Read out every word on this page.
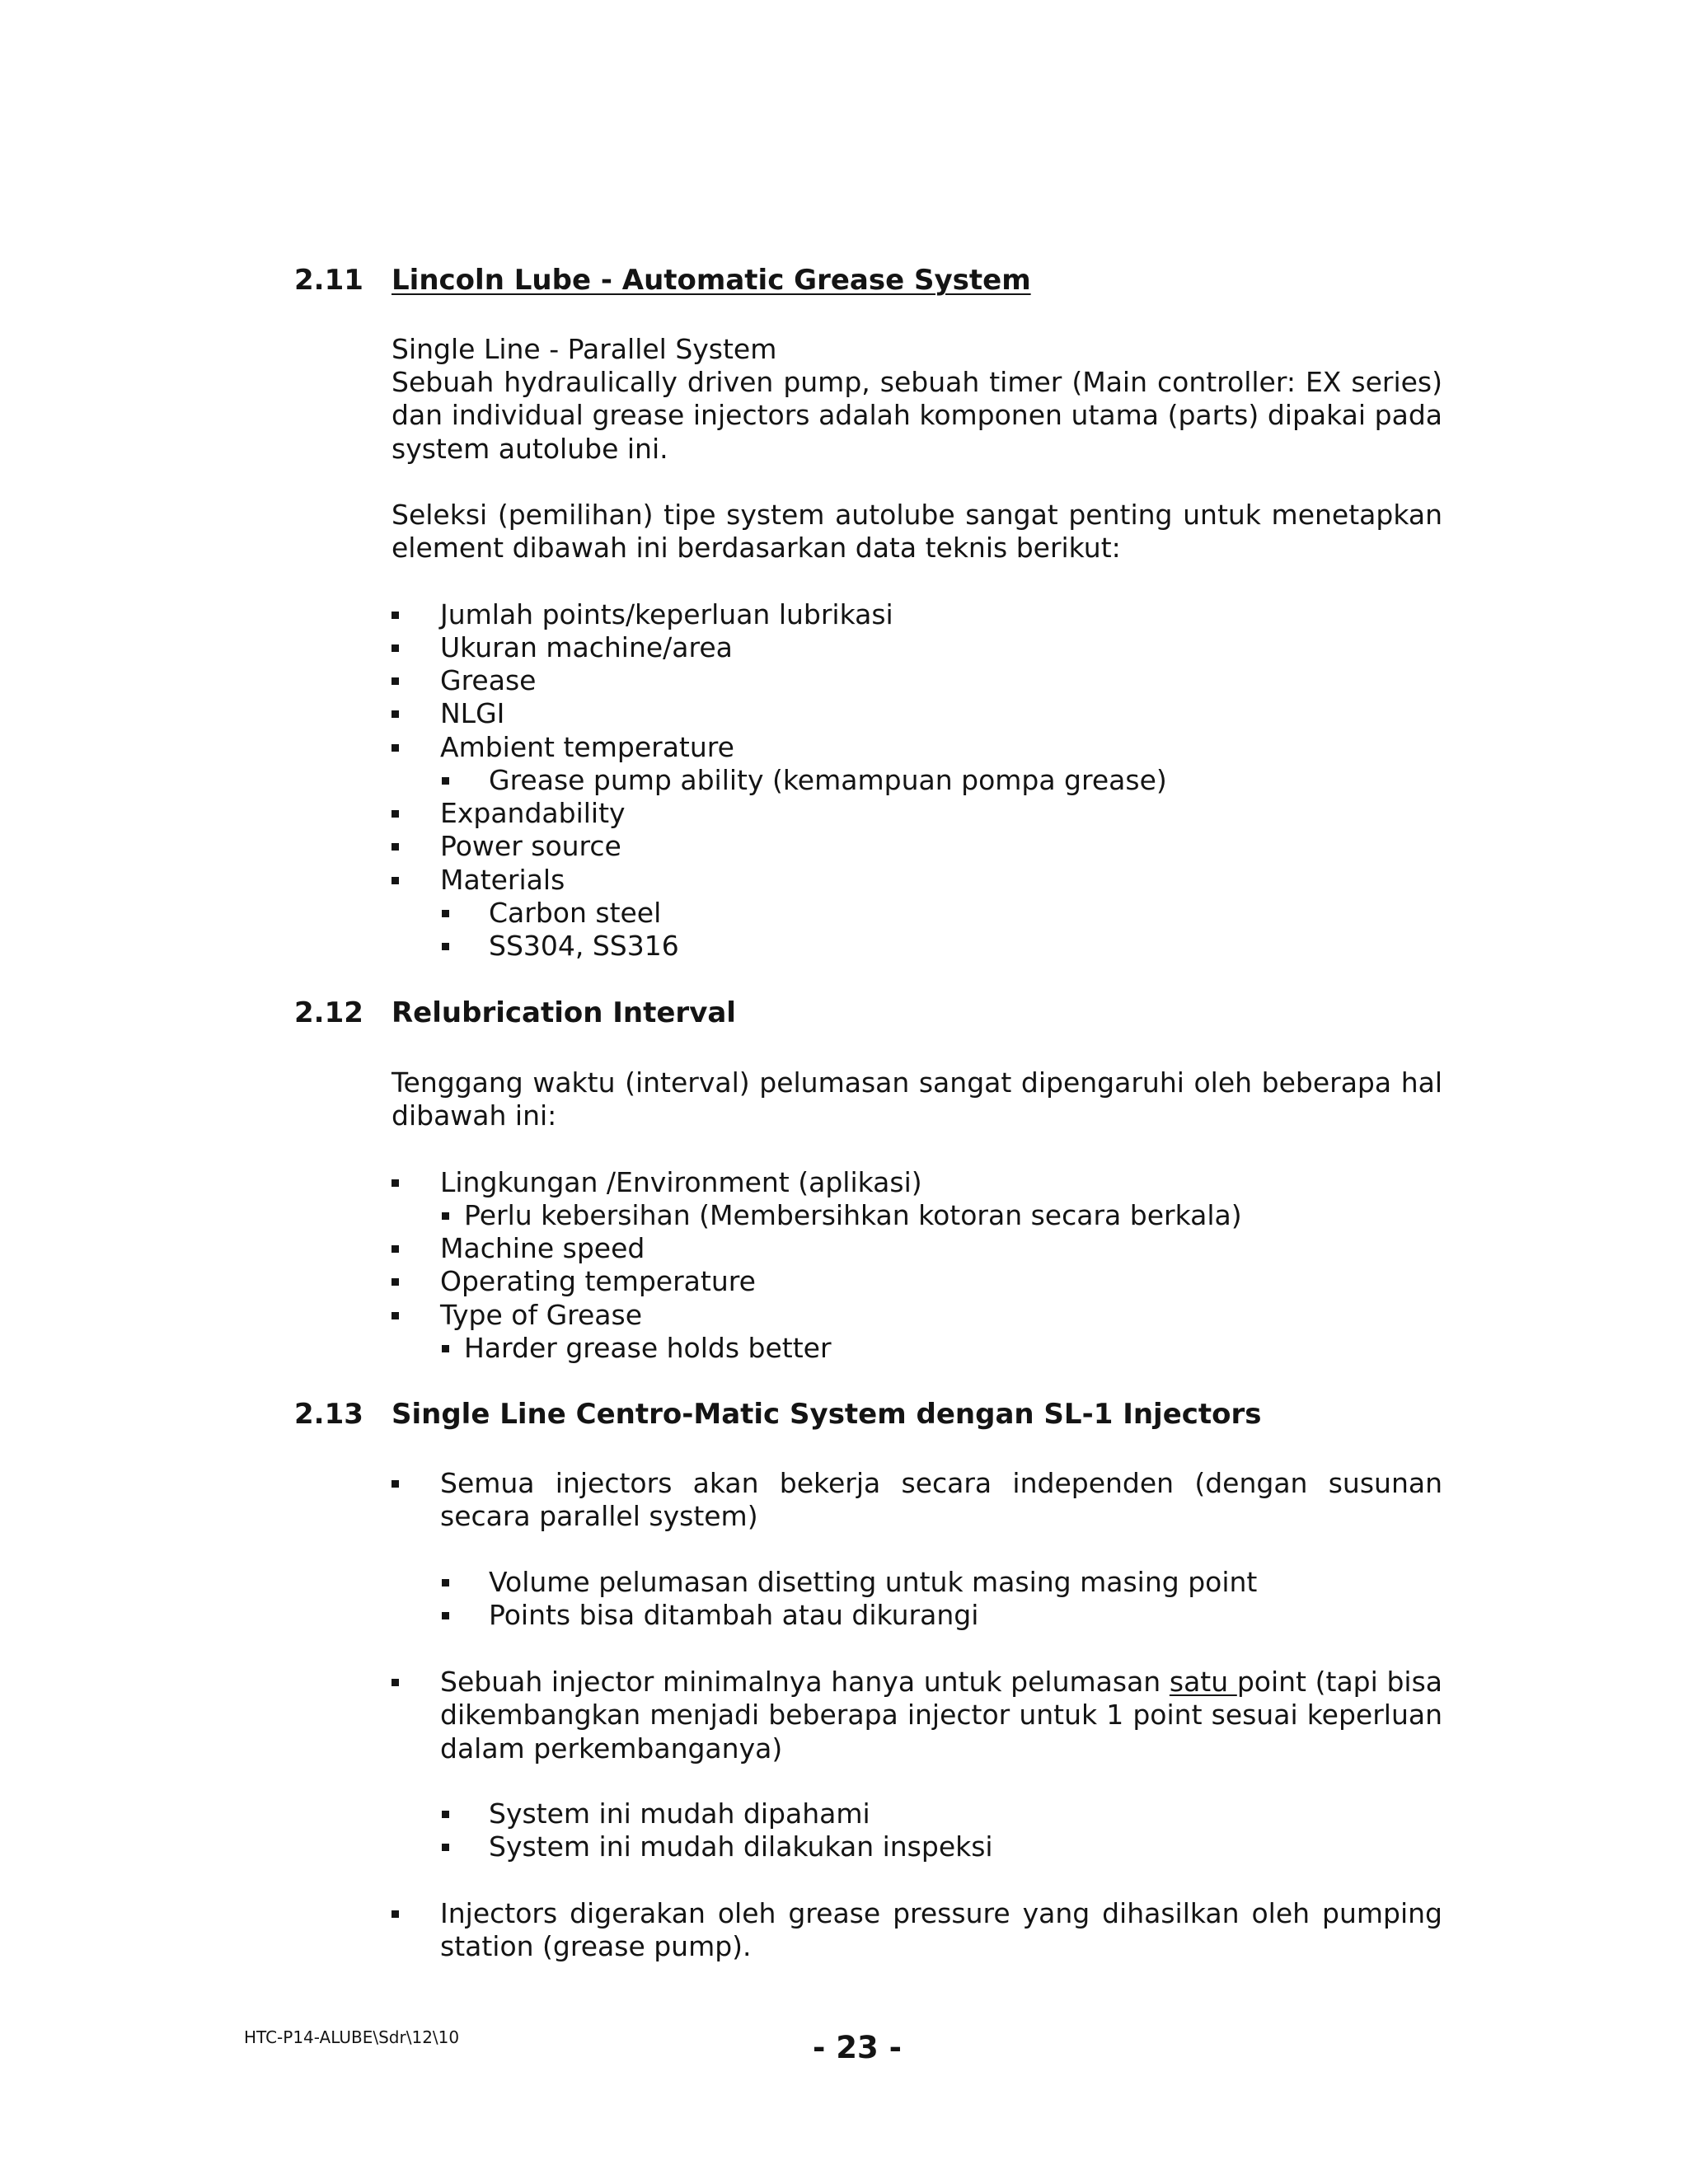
2.11 Lincoln Lube - Automatic Grease System
Single Line - Parallel System
Sebuah hydraulically driven pump, sebuah timer (Main controller: EX series) dan individual grease injectors adalah komponen utama (parts) dipakai pada system autolube ini.
Seleksi (pemilihan) tipe system autolube sangat penting untuk menetapkan element dibawah ini berdasarkan data teknis berikut:
Jumlah points/keperluan lubrikasi
Ukuran machine/area
Grease
NLGI
Ambient temperature
Grease pump ability (kemampuan pompa grease)
Expandability
Power source
Materials
Carbon steel
SS304, SS316
2.12 Relubrication Interval
Tenggang waktu (interval) pelumasan sangat dipengaruhi oleh beberapa hal dibawah ini:
Lingkungan /Environment (aplikasi)
Perlu kebersihan (Membersihkan kotoran secara berkala)
Machine speed
Operating temperature
Type of Grease
Harder grease holds better
2.13 Single Line Centro-Matic System dengan SL-1 Injectors
Semua injectors akan bekerja secara independen (dengan susunan secara parallel system)
Volume pelumasan disetting untuk masing masing point
Points bisa ditambah atau dikurangi
Sebuah injector minimalnya hanya untuk pelumasan satu point (tapi bisa dikembangkan menjadi beberapa injector untuk 1 point sesuai keperluan dalam perkembanganya)
System ini mudah dipahami
System ini mudah dilakukan inspeksi
Injectors digerakan oleh grease pressure yang dihasilkan oleh pumping station (grease pump).
HTC-P14-ALUBE\Sdr\12\10	- 23 -
